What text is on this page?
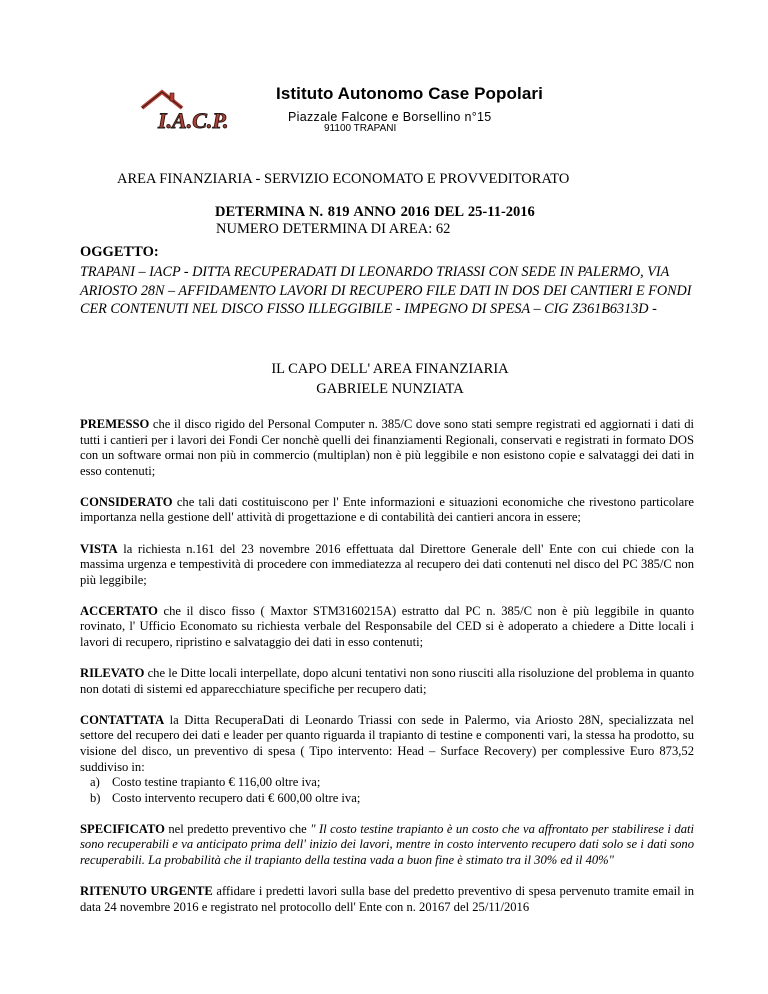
I.A.C.P.
Istituto Autonomo Case Popolari
Piazzale Falcone e Borsellino n°15
91100 TRAPANI
AREA FINANZIARIA - SERVIZIO ECONOMATO E PROVVEDITORATO
DETERMINA N. 819 ANNO 2016 DEL 25-11-2016
NUMERO DETERMINA DI AREA: 62
OGGETTO:
TRAPANI – IACP - DITTA RECUPERADATI DI LEONARDO TRIASSI CON SEDE IN PALERMO, VIA ARIOSTO 28N – AFFIDAMENTO LAVORI DI RECUPERO FILE DATI IN DOS DEI CANTIERI E FONDI CER CONTENUTI NEL DISCO FISSO ILLEGGIBILE - IMPEGNO DI SPESA – CIG Z361B6313D -
IL CAPO DELL' AREA FINANZIARIA
GABRIELE NUNZIATA

PREMESSO che il disco rigido del Personal Computer n. 385/C dove sono stati sempre registrati ed aggiornati i dati di tutti i cantieri per i lavori dei Fondi Cer nonchè quelli dei finanziamenti Regionali, conservati e registrati in formato DOS con un software ormai non più in commercio (multiplan) non è più leggibile e non esistono copie e salvataggi dei dati in esso contenuti;

CONSIDERATO che tali dati costituiscono per l' Ente informazioni e situazioni economiche che rivestono particolare importanza nella gestione dell' attività di progettazione e di contabilità dei cantieri ancora in essere;

VISTA la richiesta n.161 del 23 novembre 2016 effettuata dal Direttore Generale dell' Ente con cui chiede con la massima urgenza e tempestività di procedere con immediatezza al recupero dei dati contenuti nel disco del PC 385/C non più leggibile;

ACCERTATO che il disco fisso ( Maxtor STM3160215A) estratto dal PC n. 385/C non è più leggibile in quanto rovinato, l' Ufficio Economato su richiesta verbale del Responsabile del CED si è adoperato a chiedere a Ditte locali i lavori di recupero, ripristino e salvataggio dei dati in esso contenuti;

RILEVATO che le Ditte locali interpellate, dopo alcuni tentativi non sono riusciti alla risoluzione del problema in quanto non dotati di sistemi ed apparecchiature specifiche per recupero dati;

CONTATTATA la Ditta RecuperaDati di Leonardo Triassi con sede in Palermo, via Ariosto 28N, specializzata nel settore del recupero dei dati e leader per quanto riguarda il trapianto di testine e componenti vari, la stessa ha prodotto, su visione del disco, un preventivo di spesa ( Tipo intervento: Head – Surface Recovery) per complessive Euro 873,52 suddiviso in:

a) Costo testine trapianto € 116,00 oltre iva;
b) Costo intervento recupero dati € 600,00 oltre iva;

SPECIFICATO nel predetto preventivo che " Il costo testine trapianto è un costo che va affrontato per stabilirese i dati sono recuperabili e va anticipato prima dell' inizio dei lavori, mentre in costo intervento recupero dati solo se i dati sono recuperabili. La probabilità che il trapianto della testina vada a buon fine è stimato tra il 30% ed il 40%"

RITENUTO URGENTE affidare i predetti lavori sulla base del predetto preventivo di spesa pervenuto tramite email in data 24 novembre 2016 e registrato nel protocollo dell' Ente con n. 20167 del 25/11/2016
